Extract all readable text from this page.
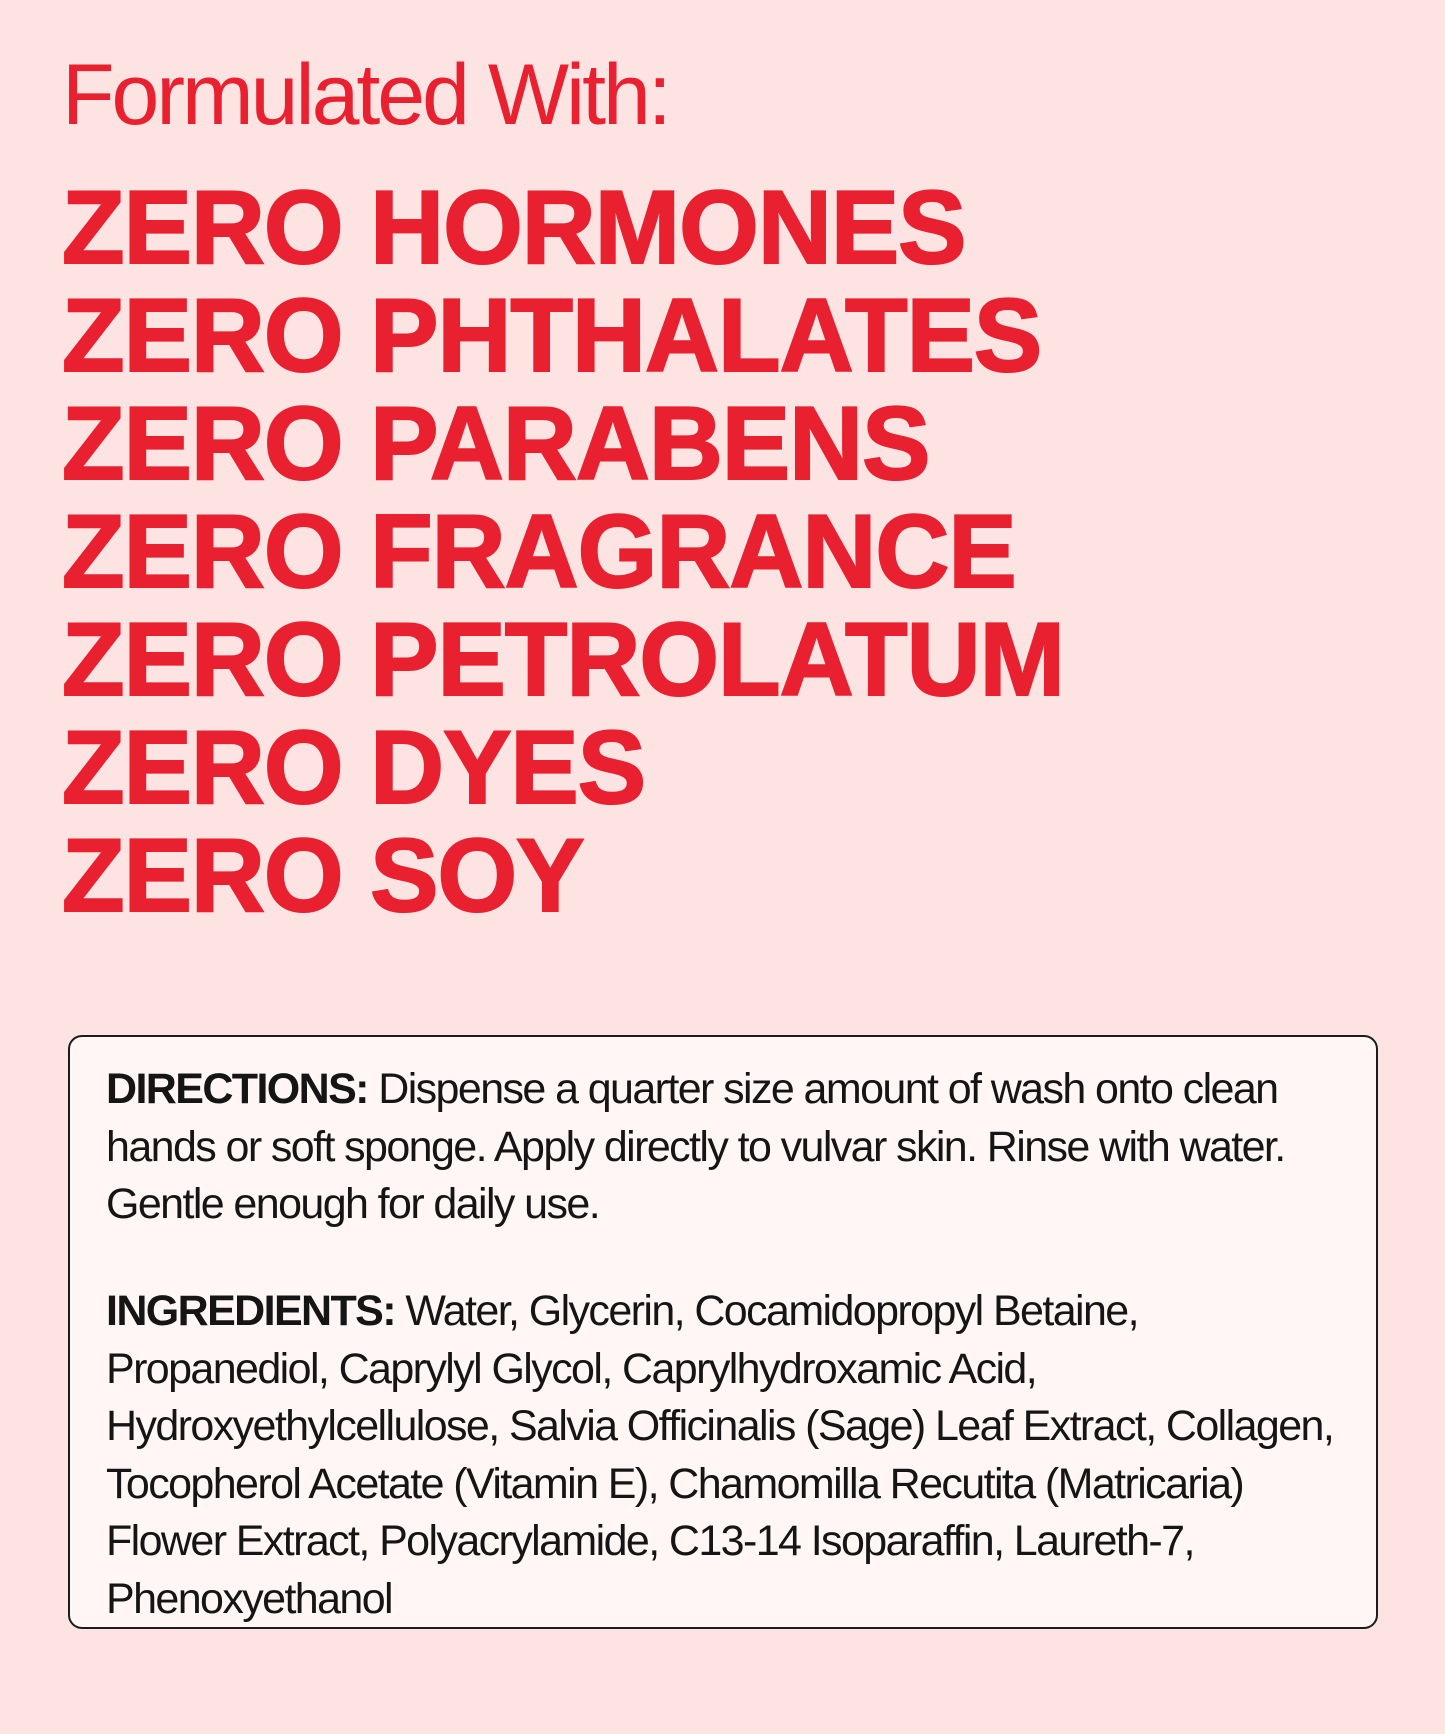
Formulated With:
ZERO HORMONES
ZERO PHTHALATES
ZERO PARABENS
ZERO FRAGRANCE
ZERO PETROLATUM
ZERO DYES
ZERO SOY

DIRECTIONS: Dispense a quarter size amount of wash onto clean hands or soft sponge. Apply directly to vulvar skin. Rinse with water. Gentle enough for daily use.

INGREDIENTS: Water, Glycerin, Cocamidopropyl Betaine, Propanediol, Caprylyl Glycol, Caprylhydroxamic Acid, Hydroxyethylcellulose, Salvia Officinalis (Sage) Leaf Extract, Collagen, Tocopherol Acetate (Vitamin E), Chamomilla Recutita (Matricaria) Flower Extract, Polyacrylamide, C13-14 Isoparaffin, Laureth-7, Phenoxyethanol
